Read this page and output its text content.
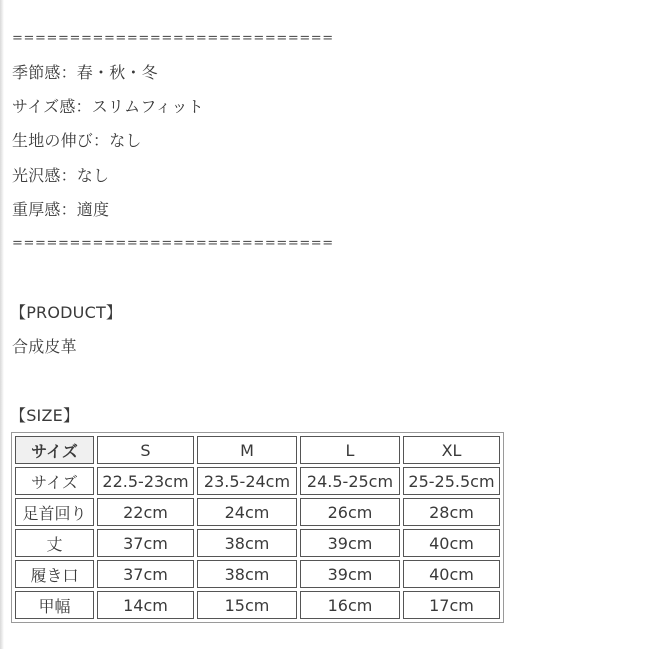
============================
季節感：春・秋・冬
サイズ感：スリムフィット
生地の伸び：なし
光沢感：なし
重厚感：適度
============================
【PRODUCT】
合成皮革
【SIZE】
サイズ	S	M	L	XL
サイズ	22.5-23cm	23.5-24cm	24.5-25cm	25-25.5cm
足首回り	22cm	24cm	26cm	28cm
丈	37cm	38cm	39cm	40cm
履き口	37cm	38cm	39cm	40cm
甲幅	14cm	15cm	16cm	17cm
